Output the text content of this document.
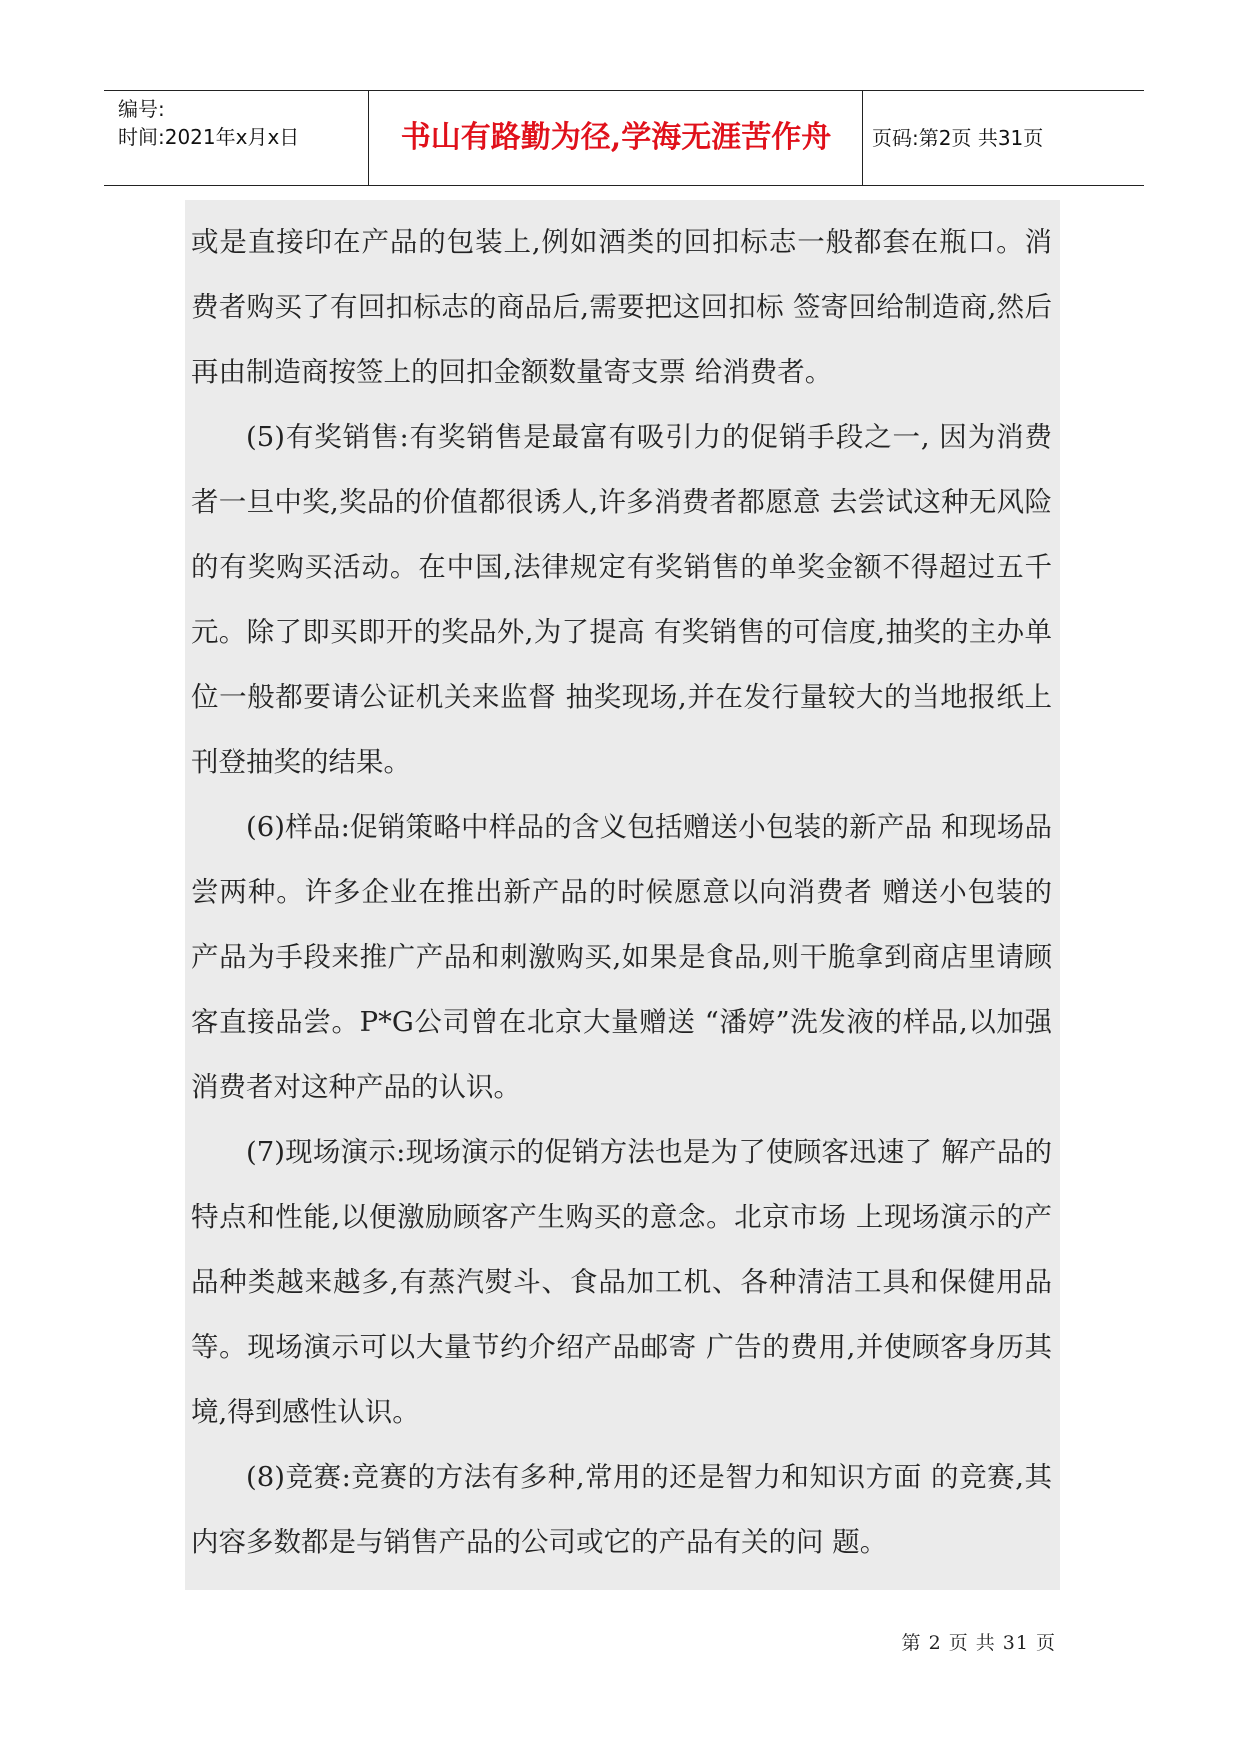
编号:
时间:2021年x月x日	书山有路勤为径,学海无涯苦作舟	页码:第2页 共31页

或是直接印在产品的包装上,例如酒类的回扣标志一般都套在瓶口。消费者购买了有回扣标志的商品后,需要把这回扣标 签寄回给制造商,然后再由制造商按签上的回扣金额数量寄支票 给消费者。

(5)有奖销售:有奖销售是最富有吸引力的促销手段之一, 因为消费者一旦中奖,奖品的价值都很诱人,许多消费者都愿意 去尝试这种无风险的有奖购买活动。在中国,法律规定有奖销售的单奖金额不得超过五千元。除了即买即开的奖品外,为了提高 有奖销售的可信度,抽奖的主办单位一般都要请公证机关来监督 抽奖现场,并在发行量较大的当地报纸上刊登抽奖的结果。

(6)样品:促销策略中样品的含义包括赠送小包装的新产品 和现场品尝两种。许多企业在推出新产品的时候愿意以向消费者 赠送小包装的产品为手段来推广产品和刺激购买,如果是食品,则干脆拿到商店里请顾客直接品尝。P*G公司曾在北京大量赠送 “潘婷”洗发液的样品,以加强消费者对这种产品的认识。

(7)现场演示:现场演示的促销方法也是为了使顾客迅速了 解产品的特点和性能,以便激励顾客产生购买的意念。北京市场 上现场演示的产品种类越来越多,有蒸汽熨斗、食品加工机、各种清洁工具和保健用品等。现场演示可以大量节约介绍产品邮寄 广告的费用,并使顾客身历其境,得到感性认识。

(8)竞赛:竞赛的方法有多种,常用的还是智力和知识方面 的竞赛,其内容多数都是与销售产品的公司或它的产品有关的问 题。

第 2 页 共 31 页
